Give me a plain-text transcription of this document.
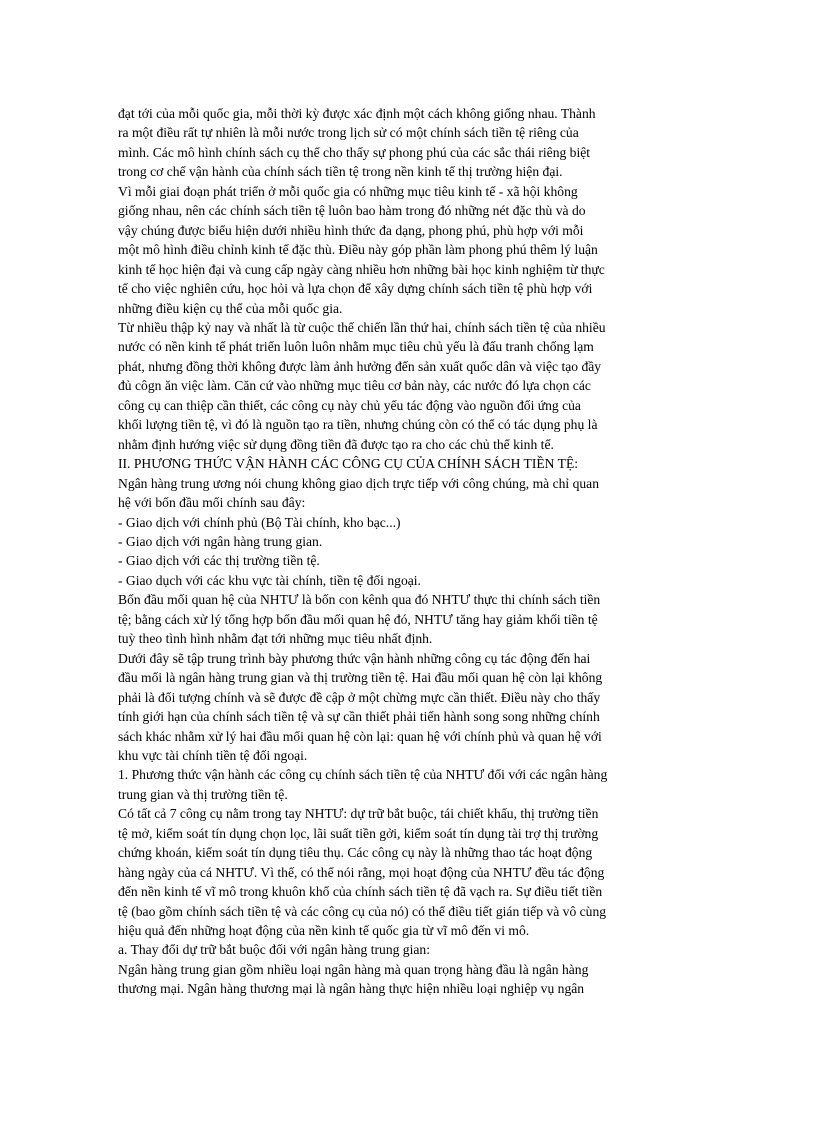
đạt tới của mỗi quốc gia, mỗi thời kỳ được xác định một cách không giống nhau. Thành
ra một điều rất tự nhiên là mỗi nước trong lịch sử có một chính sách tiền tệ riêng của
mình. Các mô hình chính sách cụ thể cho thấy sự phong phú của các sắc thái riêng biệt
trong cơ chế vận hành của chính sách tiền tệ trong nền kinh tế thị trường hiện đại.

Vì mỗi giai đoạn phát triển ở mỗi quốc gia có những mục tiêu kinh tế - xã hội không
giống nhau, nên các chính sách tiền tệ luôn bao hàm trong đó những nét đặc thù và do
vậy chúng được biểu hiện dưới nhiều hình thức đa dạng, phong phú, phù hợp với mỗi
một mô hình điều chỉnh kinh tế đặc thù. Điều này góp phần làm phong phú thêm lý luận
kinh tế học hiện đại và cung cấp ngày càng nhiều hơn những bài học kinh nghiệm từ thực
tế cho việc nghiên cứu, học hỏi và lựa chọn để xây dựng chính sách tiền tệ phù hợp với
những điều kiện cụ thể của mỗi quốc gia.

Từ nhiều thập kỷ nay và nhất là từ cuộc thế chiến lần thứ hai, chính sách tiền tệ của nhiều
nước có nền kinh tế phát triển luôn luôn nhằm mục tiêu chủ yếu là đấu tranh chống lạm
phát, nhưng đồng thời không được làm ảnh hưởng đến sản xuất quốc dân và việc tạo đầy
đủ côgn ăn việc làm. Căn cứ vào những mục tiêu cơ bản này, các nước đó lựa chọn các
công cụ can thiệp cần thiết, các công cụ này chủ yếu tác động vào nguồn đối ứng của
khối lượng tiền tệ, vì đó là nguồn tạo ra tiền, nhưng chúng còn có thể có tác dụng phụ là
nhằm định hướng việc sử dụng đồng tiền đã được tạo ra cho các chủ thể kinh tế.

II. PHƯƠNG THỨC VẬN HÀNH CÁC CÔNG CỤ CỦA CHÍNH SÁCH TIỀN TỆ:

Ngân hàng trung ương nói chung không giao dịch trực tiếp với công chúng, mà chỉ quan
hệ với bốn đầu mối chính sau đây:

- Giao dịch với chính phủ (Bộ Tài chính, kho bạc...)

- Giao dịch với ngân hàng trung gian.

- Giao dịch với các thị trường tiền tệ.

- Giao dụch với các khu vực tài chính, tiền tệ đối ngoại.

Bốn đầu mối quan hệ của NHTƯ là bốn con kênh qua đó NHTƯ thực thi chính sách tiền
tệ; bằng cách xử lý tổng hợp bốn đầu mối quan hệ đó, NHTƯ tăng hay giảm khối tiền tệ
tuỳ theo tình hình nhằm đạt tới những mục tiêu nhất định.

Dưới đây sẽ tập trung trình bày phương thức vận hành những công cụ tác động đến hai
đầu mối là ngân hàng trung gian và thị trường tiền tệ. Hai đầu mối quan hệ còn lại không
phải là đối tượng chính và sẽ được đề cập ở một chừng mực cần thiết. Điều này cho thấy
tính giới hạn của chính sách tiền tệ và sự cần thiết phải tiến hành song song những chính
sách khác nhằm xử lý hai đầu mối quan hệ còn lại: quan hệ với chính phủ và quan hệ với
khu vực tài chính tiền tệ đối ngoại.

1. Phương thức vận hành các công cụ chính sách tiền tệ của NHTƯ đối với các ngân hàng
trung gian và thị trường tiền tệ.

Có tất cả 7 công cụ nằm trong tay NHTƯ: dự trữ bắt buộc, tái chiết khấu, thị trường tiền
tệ mở, kiểm soát tín dụng chọn lọc, lãi suất tiền gởi, kiểm soát tín dụng tài trợ thị trường
chứng khoán, kiểm soát tín dụng tiêu thụ. Các công cụ này là những thao tác hoạt động
hàng ngày của cá NHTƯ. Vì thế, có thể nói rằng, mọi hoạt động của NHTƯ đều tác động
đến nền kinh tế vĩ mô trong khuôn khổ của chính sách tiền tệ đã vạch ra. Sự điều tiết tiền
tệ (bao gồm chính sách tiền tệ và các công cụ của nó) có thể điều tiết gián tiếp và vô cùng
hiệu quả đến những hoạt động của nền kinh tế quốc gia từ vĩ mô đến vi mô.

a. Thay đổi dự trữ bắt buộc đối với ngân hàng trung gian:

Ngân hàng trung gian gồm nhiều loại ngân hàng mà quan trọng hàng đầu là ngân hàng
thương mại. Ngân hàng thương mại là ngân hàng thực hiện nhiều loại nghiệp vụ ngân
